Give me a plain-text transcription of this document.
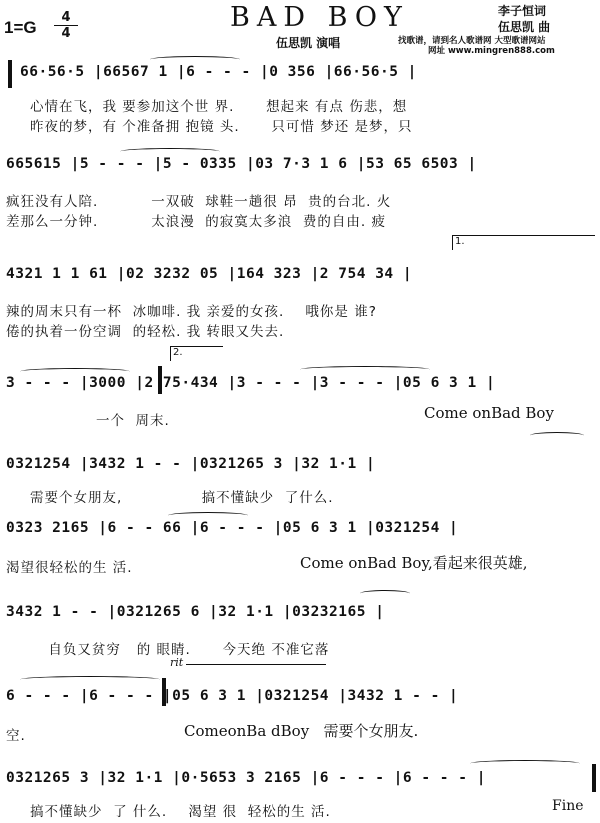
BAD BOY
1=G
4
4
伍思凯 演唱
李子恒词
伍思凯 曲
找歌谱，请到名人歌谱网 大型歌谱网站
网址 www.mingren888.com
66·56·5 |66567 1 |6 - - - |0 356 |66·56·5 |
心情在飞，我 要参加这个世 界.      想起来 有点 伤悲，想
昨夜的梦，有 个准备拥 抱镜 头.      只可惜 梦还 是梦，只
665615 |5 - - - |5 - 0335 |03 7·3 1 6 |53 65 6503 |
疯狂没有人陪.          一双破  球鞋一趟很 昂  贵的台北. 火
差那么一分钟.          太浪漫  的寂寞太多浪  费的自由. 疲
1.
4321 1 1 61 |02 3232 05 |164 323 |2 754 34 |
辣的周末只有一杯  冰咖啡. 我 亲爱的女孩.    哦你是 谁?
倦的执着一份空调  的轻松. 我 转眼又失去.
2.
3 - - - |3000 |2 75·434 |3 - - - |3 - - - |05 6 3 1 |
一个  周末.	Come onBad Boy
0321254 |3432 1 - - |0321265 3 |32 1·1 |
需要个女朋友,               搞不懂缺少  了什么.
0323 2165 |6 - - 66 |6 - - - |05 6 3 1 |0321254 |
渴望很轻松的生 活.	Come onBad Boy,看起来很英雄,
3432 1 - - |0321265 6 |32 1·1 |03232165 |
自负又贫穷   的 眼睛.      今天绝 不准它落
rit
6 - - - |6 - - - |05 6 3 1 |0321254 |3432 1 - - |
空.	ComeonBa dBoy   需要个女朋友.
0321265 3 |32 1·1 |0·5653 3 2165 |6 - - - |6 - - - |
搞不懂缺少  了 什么.    渴望 很  轻松的生 活.	Fine
